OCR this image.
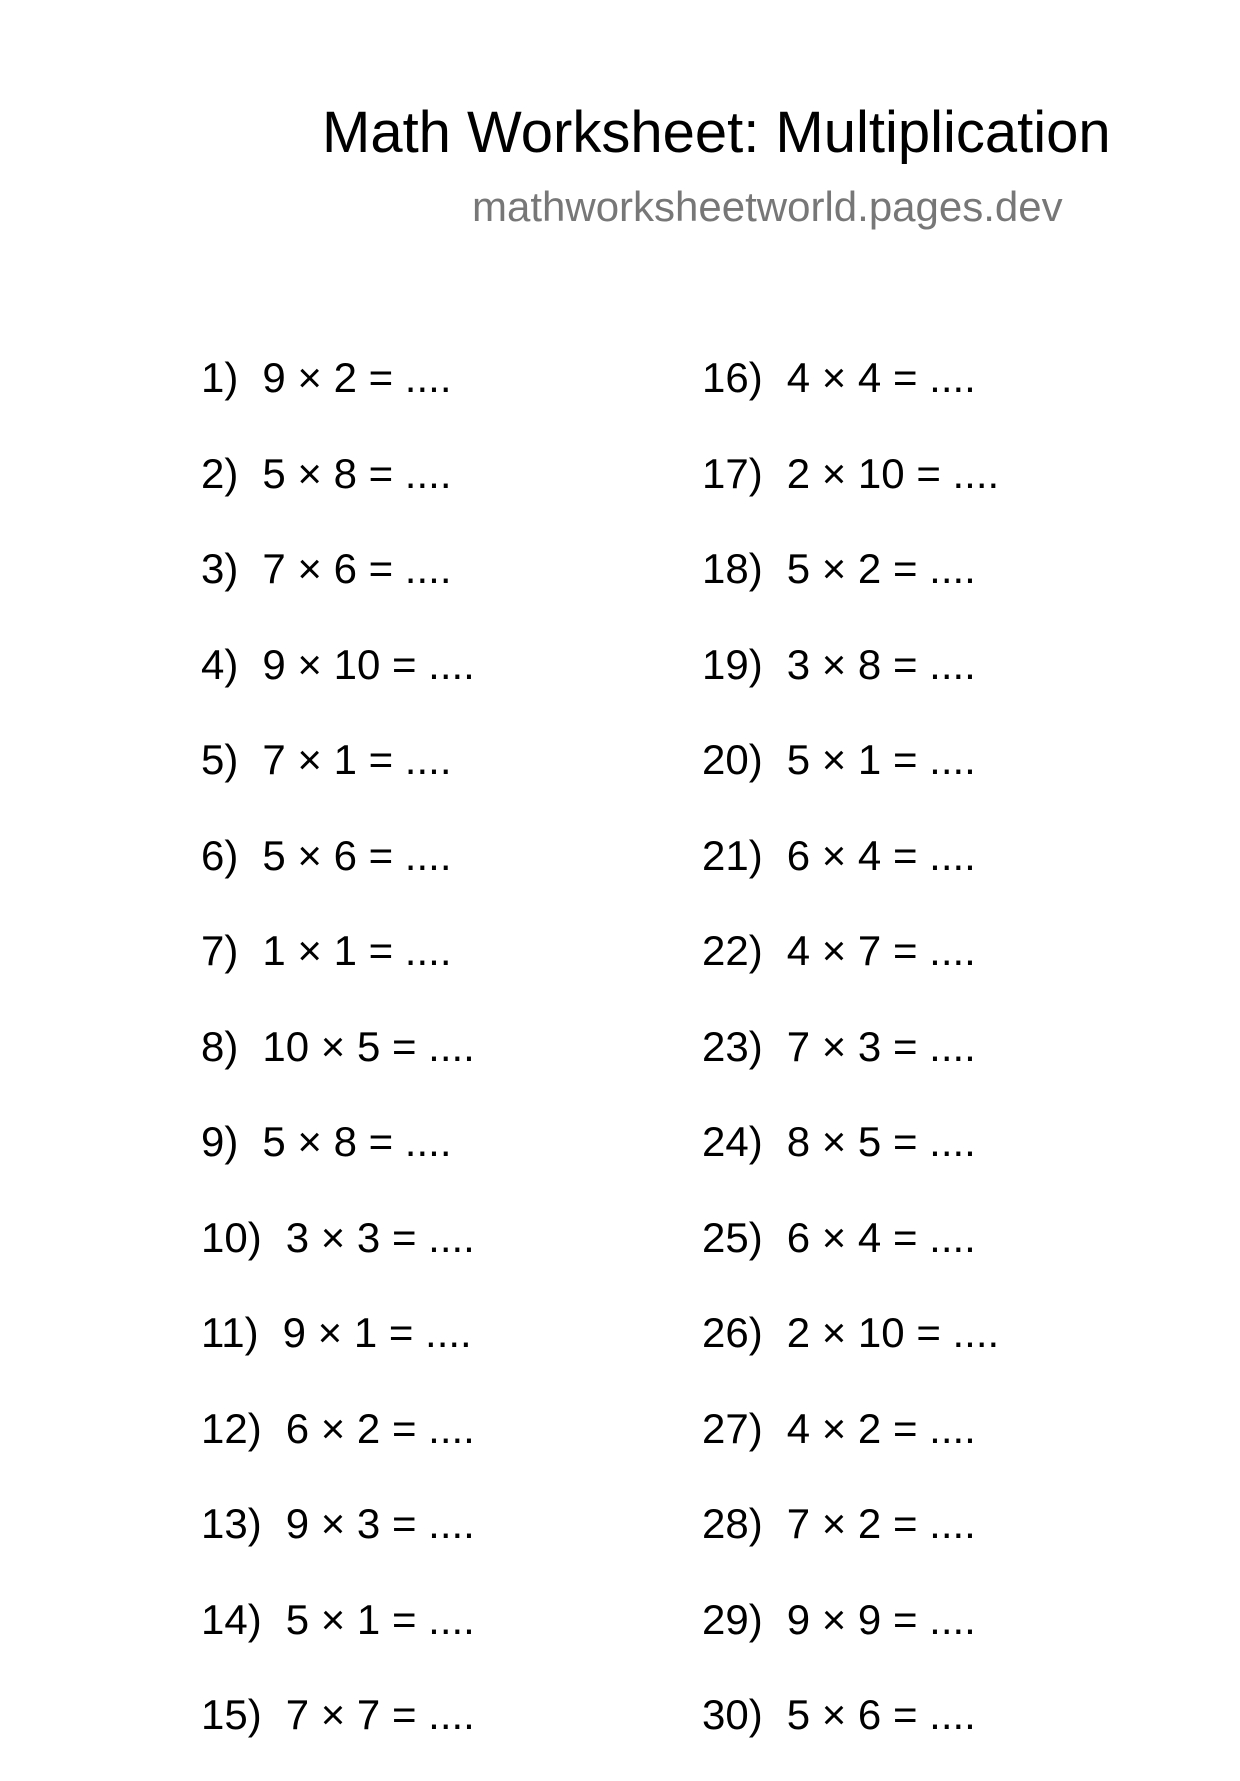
Math Worksheet: Multiplication
mathworksheetworld.pages.dev
1) 9 × 2 = ....
2) 5 × 8 = ....
3) 7 × 6 = ....
4) 9 × 10 = ....
5) 7 × 1 = ....
6) 5 × 6 = ....
7) 1 × 1 = ....
8) 10 × 5 = ....
9) 5 × 8 = ....
10) 3 × 3 = ....
11) 9 × 1 = ....
12) 6 × 2 = ....
13) 9 × 3 = ....
14) 5 × 1 = ....
15) 7 × 7 = ....
16) 4 × 4 = ....
17) 2 × 10 = ....
18) 5 × 2 = ....
19) 3 × 8 = ....
20) 5 × 1 = ....
21) 6 × 4 = ....
22) 4 × 7 = ....
23) 7 × 3 = ....
24) 8 × 5 = ....
25) 6 × 4 = ....
26) 2 × 10 = ....
27) 4 × 2 = ....
28) 7 × 2 = ....
29) 9 × 9 = ....
30) 5 × 6 = ....
